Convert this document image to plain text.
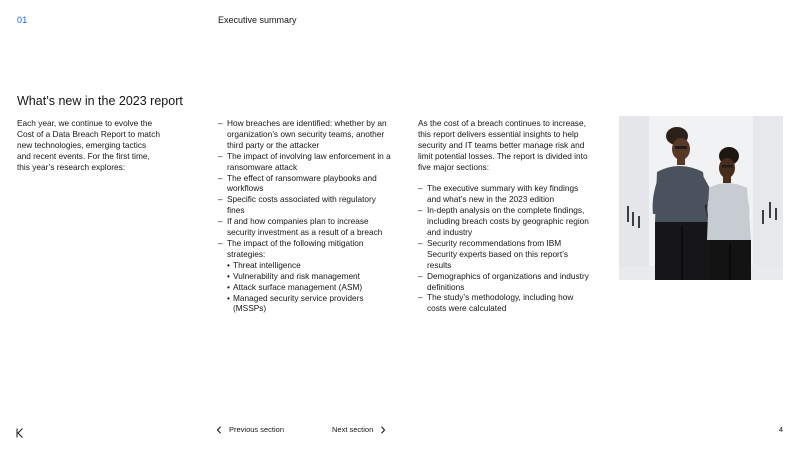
01	Executive summary
What’s new in the 2023 report
Each year, we continue to evolve the
Cost of a Data Breach Report to match
new technologies, emerging tactics
and recent events. For the first time,
this year’s research explores:
– How breaches are identified: whether by an organization’s own security teams, another third party or the attacker
– The impact of involving law enforcement in a ransomware attack
– The effect of ransomware playbooks and workflows
– Specific costs associated with regulatory fines
– If and how companies plan to increase security investment as a result of a breach
– The impact of the following mitigation strategies:
• Threat intelligence
• Vulnerability and risk management
• Attack surface management (ASM)
• Managed security service providers (MSSPs)

As the cost of a breach continues to increase, this report delivers essential insights to help security and IT teams better manage risk and limit potential losses. The report is divided into five major sections:

– The executive summary with key findings and what’s new in the 2023 edition
– In-depth analysis on the complete findings, including breach costs by geographic region and industry
– Security recommendations from IBM Security experts based on this report’s results
– Demographics of organizations and industry definitions
– The study’s methodology, including how costs were calculated
Previous section	Next section	4
